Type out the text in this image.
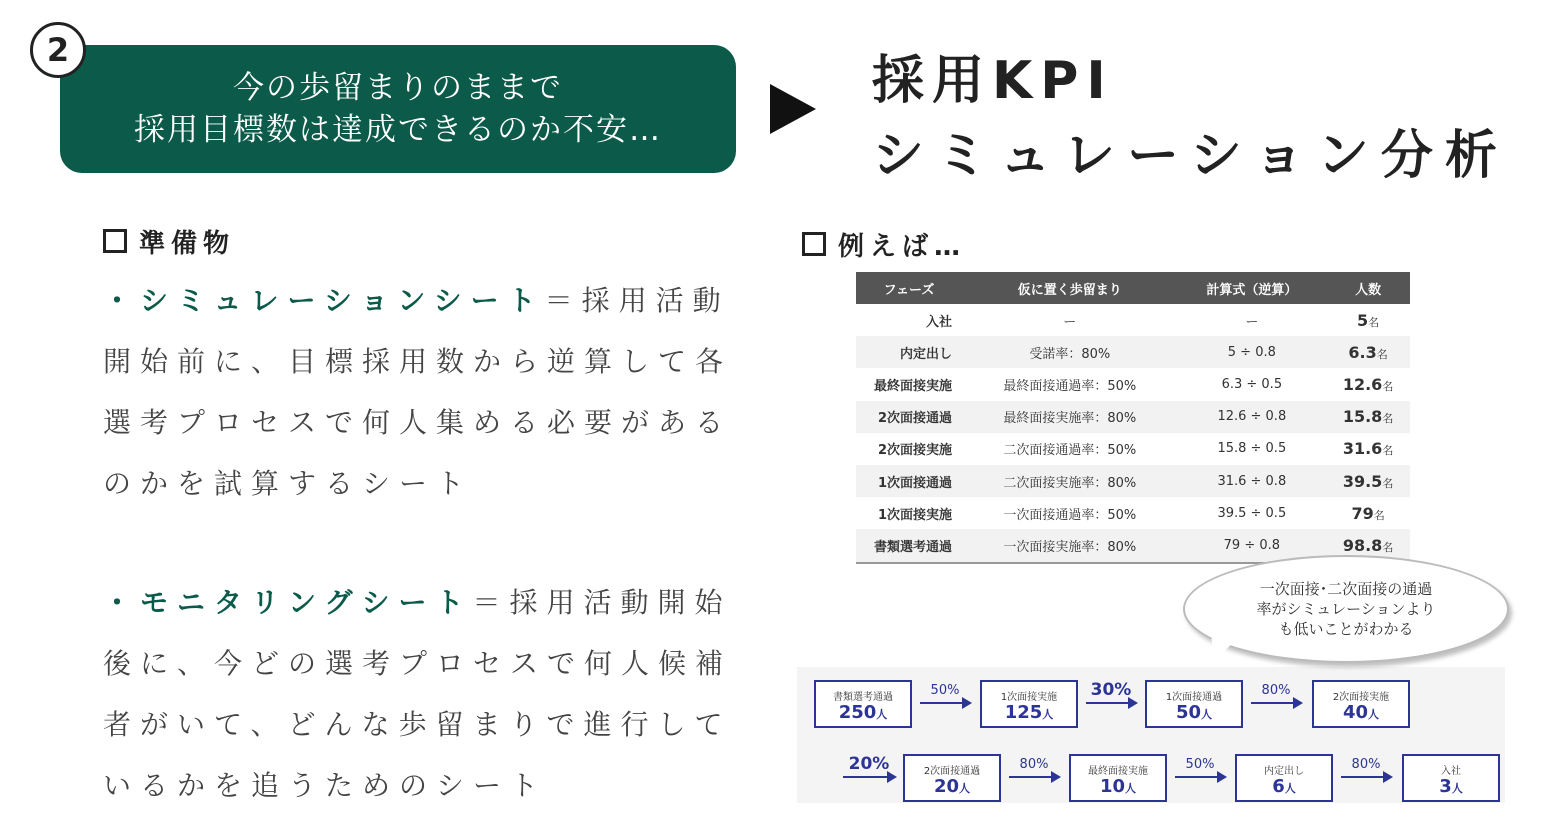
2
今の歩留まりのままで
採用目標数は達成できるのか不安…
採用KPI
シミュレーション分析
準備物
・シミュレーションシート＝採用活動開始前に、目標採用数から逆算して各選考プロセスで何人集める必要があるのかを試算するシート
・モニタリングシート＝採用活動開始後に、今どの選考プロセスで何人候補者がいて、どんな歩留まりで進行しているかを追うためのシート
例えば…
フェーズ	仮に置く歩留まり	計算式（逆算）	人数
入社	ー	ー	5名
内定出し	受諾率：80%	5 ÷ 0.8	6.3名
最終面接実施	最終面接通過率：50%	6.3 ÷ 0.5	12.6名
2次面接通過	最終面接実施率：80%	12.6 ÷ 0.8	15.8名
2次面接実施	二次面接通過率：50%	15.8 ÷ 0.5	31.6名
1次面接通過	二次面接実施率：80%	31.6 ÷ 0.8	39.5名
1次面接実施	一次面接通過率：50%	39.5 ÷ 0.5	79名
書類選考通過	一次面接実施率：80%	79 ÷ 0.8	98.8名
一次面接･二次面接の通過
率がシミュレーションより
も低いことがわかる
書類選考通過
250人
1次面接実施
125人
1次面接通過
50人
2次面接実施
40人
50%	30%	80%
20%	2次面接通過
20人
最終面接実施
10人
内定出し
6人
入社
3人
80%	50%	80%
